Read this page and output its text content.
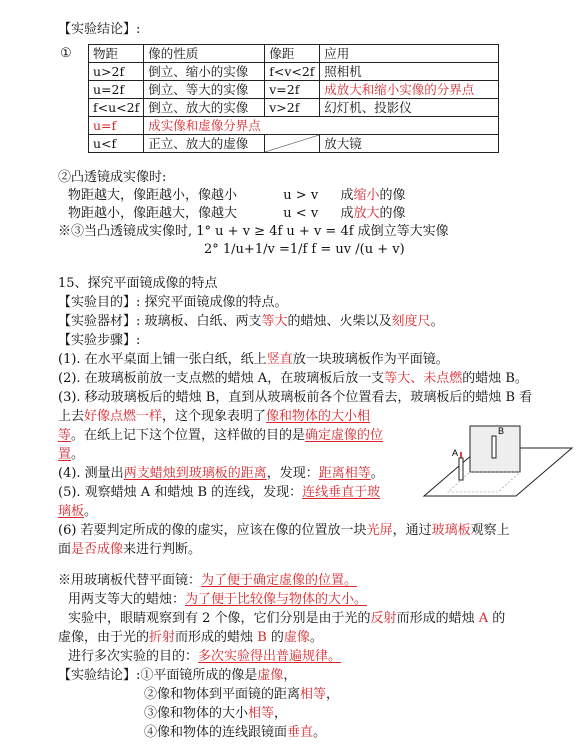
【实验结论】:
① 物距	像的性质	像距	应用
u>2f	倒立、缩小的实像	f<v<2f	照相机
u=2f	倒立、等大的实像	v=2f	成放大和缩小实像的分界点
f<u<2f	倒立、放大的实像	v>2f	幻灯机、投影仪
u=f	成实像和虚像分界点		
u<f	正立、放大的虚像		放大镜
②凸透镜成实像时:
物距越大，像距越小，像越小	u > v 成缩小的像
物距越小，像距越大，像越大	u < v 成放大的像
※③当凸透镜成实像时, 1° u + v ≥ 4f u + v = 4f 成倒立等大实像
2° 1/u+1/v =1/f f = uv /(u + v)
15、探究平面镜成像的特点
【实验目的】: 探究平面镜成像的特点。
【实验器材】: 玻璃板、白纸、两支等大的蜡烛、火柴以及刻度尺。
【实验步骤】:
(1). 在水平桌面上铺一张白纸，纸上竖直放一块玻璃板作为平面镜。
(2). 在玻璃板前放一支点燃的蜡烛 A，在玻璃板后放一支等大、未点燃的蜡烛 B。
(3). 移动玻璃板后的蜡烛 B，直到从玻璃板前各个位置看去，玻璃板后的蜡烛 B 看
上去好像点燃一样，这个现象表明了像和物体的大小相
等。在纸上记下这个位置，这样做的目的是确定虚像的位
置。
(4). 测量出两支蜡烛到玻璃板的距离，发现：距离相等。
(5). 观察蜡烛 A 和蜡烛 B 的连线，发现：连线垂直于玻
璃板。
(6) 若要判定所成的像的虚实，应该在像的位置放一块光屏，通过玻璃板观察上
面是否成像来进行判断。
A
B
※用玻璃板代替平面镜：为了便于确定虚像的位置。
用两支等大的蜡烛：为了便于比较像与物体的大小。
实验中，眼睛观察到有 2 个像，它们分别是由于光的反射而形成的蜡烛 A 的
虚像，由于光的折射而形成的蜡烛 B 的虚像。
进行多次实验的目的：多次实验得出普遍规律。
【实验结论】:①平面镜所成的像是虚像，
②像和物体到平面镜的距离相等，
③像和物体的大小相等，
④像和物体的连线跟镜面垂直。
